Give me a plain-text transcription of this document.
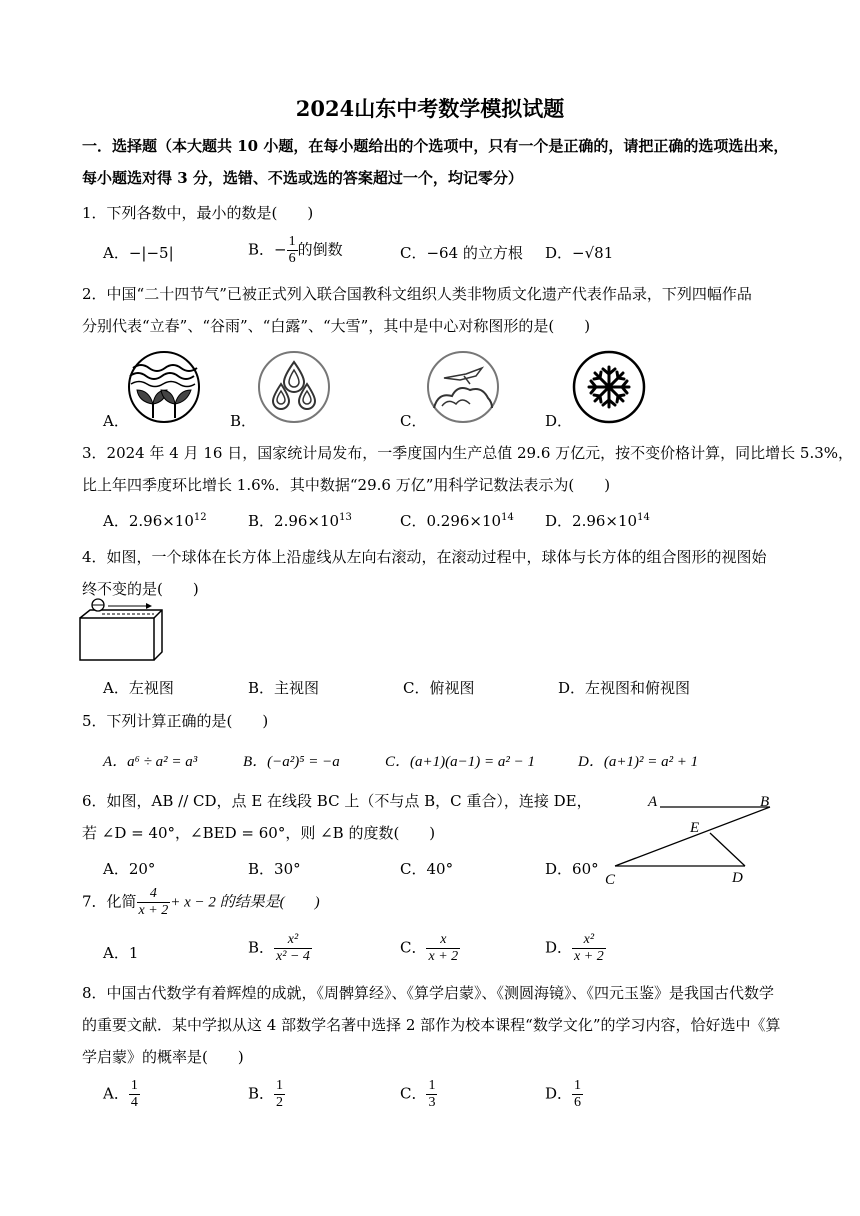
2024山东中考数学模拟试题
一．选择题（本大题共 10 小题，在每小题给出的个选项中，只有一个是正确的，请把正确的选项选出来，
每小题选对得 3 分，选错、不选或选的答案超过一个，均记零分）
1．下列各数中，最小的数是(　　)
A．−|−5|	B．− $\frac{1}{6}$ 的倒数	C．−64 的立方根 D．−√81
2．中国“二十四节气”已被正式列入联合国教科文组织人类非物质文化遗产代表作品录，下列四幅作品
分别代表“立春”、“谷雨”、“白露”、“大雪”，其中是中心对称图形的是(　　)
A．	B．	C．	D．
3．2024 年 4 月 16 日，国家统计局发布，一季度国内生产总值 29.6 万亿元，按不变价格计算，同比增长 5.3%，
比上年四季度环比增长 1.6%．其中数据“29.6 万亿”用科学记数法表示为(　　)
A．$2.96\times 10^{12}$	B．$2.96\times 10^{13}$	C．$0.296\times 10^{14}$ D．$2.96\times 10^{14}$
4．如图，一个球体在长方体上沿虚线从左向右滚动，在滚动过程中，球体与长方体的组合图形的视图始
终不变的是(　　)
A．左视图	B．主视图	C．俯视图	D．左视图和俯视图
5．下列计算正确的是(　　)
A．a⁶ ÷ a² = a³	B．(−a²)⁵ = −a	C．(a+1)(a−1) = a² − 1	D．(a+1)² = a² + 1
6．如图，AB // CD，点 E 在线段 BC 上（不与点 B，C 重合），连接 DE，
若 ∠D = 40°，∠BED = 60°，则 ∠B 的度数(　　)
A．20°	B．30°	C．40°	D．60°
A	B
E
C	D
7．化简 $\frac{4}{x + 2} + x - 2$ 的结果是(　　)
A．1	B． $\frac{\text{x²}}{\text{x² − 4}}$	C． $\frac{x}{x + 2}$	D． $\frac{\text{x²}}{x + 2}$
8．中国古代数学有着辉煌的成就，《周髀算经》、《算学启蒙》、《测圆海镜》、《四元玉鉴》是我国古代数学
的重要文献．某中学拟从这 4 部数学名著中选择 2 部作为校本课程“数学文化”的学习内容，恰好选中《算
学启蒙》的概率是(　　)
A． $\frac{1}{4}$	B． $\frac{1}{2}$	C． $\frac{1}{3}$	D． $\frac{1}{6}$
